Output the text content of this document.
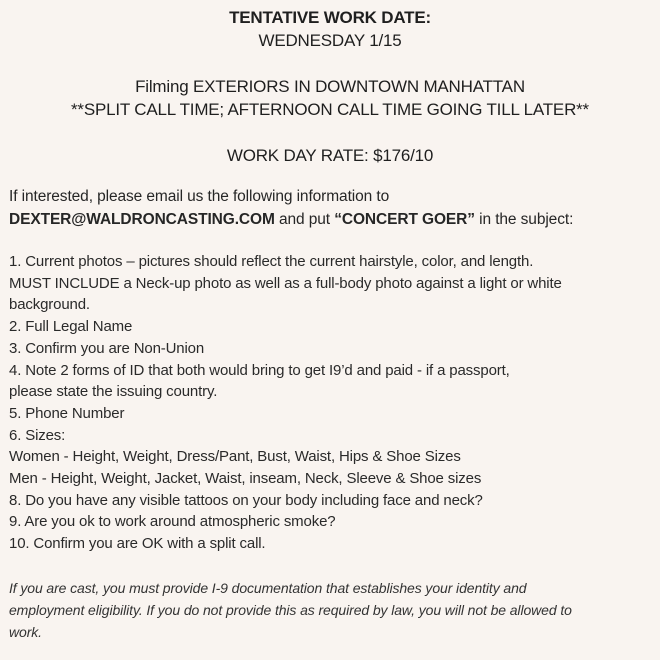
TENTATIVE WORK DATE:
WEDNESDAY 1/15
Filming EXTERIORS IN DOWNTOWN MANHATTAN
**SPLIT CALL TIME; AFTERNOON CALL TIME GOING TILL LATER**
WORK DAY RATE: $176/10
If interested, please email us the following information to
DEXTER@WALDRONCASTING.COM and put “CONCERT GOER” in the subject:
1. Current photos – pictures should reflect the current hairstyle, color, and length.
MUST INCLUDE a Neck-up photo as well as a full-body photo against a light or white
background.
2. Full Legal Name
3. Confirm you are Non-Union
4. Note 2 forms of ID that both would bring to get I9’d and paid - if a passport,
please state the issuing country.
5. Phone Number
6. Sizes:
Women - Height, Weight, Dress/Pant, Bust, Waist, Hips & Shoe Sizes
Men - Height, Weight, Jacket, Waist, inseam, Neck, Sleeve & Shoe sizes
8. Do you have any visible tattoos on your body including face and neck?
9. Are you ok to work around atmospheric smoke?
10. Confirm you are OK with a split call.
If you are cast, you must provide I-9 documentation that establishes your identity and
employment eligibility. If you do not provide this as required by law, you will not be allowed to
work.
